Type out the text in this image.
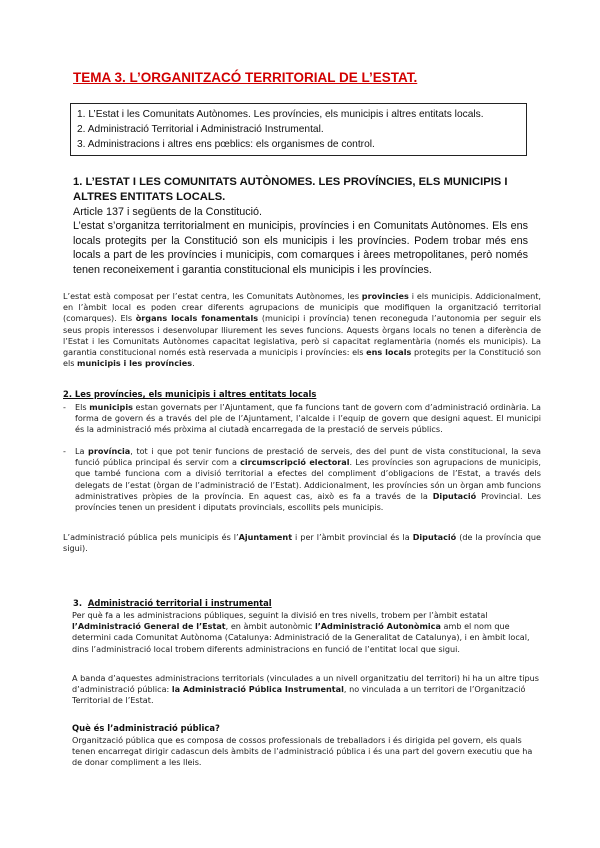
TEMA 3. L’ORGANITZACÓ TERRITORIAL DE L’ESTAT.
1. L’Estat i les Comunitats Autònomes. Les províncies, els municipis i altres entitats locals.
2. Administració Territorial i Administració Instrumental.
3. Administracions i altres ens pœblics: els organismes de control.
1. L’ESTAT I LES COMUNITATS AUTÒNOMES. LES PROVÍNCIES, ELS MUNICIPIS I
ALTRES ENTITATS LOCALS.
Article 137 i següents de la Constitució.
L’estat s’organitza territorialment en municipis, províncies i en Comunitats Autònomes. Els ens locals protegits per la Constitució son els municipis i les províncies. Podem trobar més ens locals a part de les províncies i municipis, com comarques i àrees metropolitanes, però només tenen reconeixement i garantia constitucional els municipis i les províncies.
L’estat està composat per l’estat centra, les Comunitats Autònomes, les provincies i els municipis. Addicionalment, en l’àmbit local es poden crear diferents agrupacions de municipis que modifiquen la organització territorial (comarques). Els òrgans locals fonamentals (municipi i província) tenen reconeguda l’autonomia per seguir els seus propis interessos i desenvolupar lliurement les seves funcions. Aquests òrgans locals no tenen a diferència de l’Estat i les Comunitats Autònomes capacitat legislativa, però si capacitat reglamentària (només els municipis). La garantia constitucional només està reservada a municipis i províncies: els ens locals protegits per la Constitució son els municipis i les províncies.
2. Les províncies, els municipis i altres entitats locals
- Els municipis estan governats per l’Ajuntament, que fa funcions tant de govern com d’administració ordinària. La forma de govern és a través del ple de l’Ajuntament, l’alcalde i l’equip de govern que designi aquest. El municipi és la administració més pròxima al ciutadà encarregada de la prestació de serveis públics.
- La província, tot i que pot tenir funcions de prestació de serveis, des del punt de vista constitucional, la seva funció pública principal és servir com a circumscripció electoral. Les províncies son agrupacions de municipis, que també funciona com a divisió territorial a efectes del compliment d’obligacions de l’Estat, a través dels delegats de l’estat (òrgan de l’administració de l’Estat). Addicionalment, les províncies són un òrgan amb funcions administratives pròpies de la província. En aquest cas, això es fa a través de la Diputació Provincial. Les províncies tenen un president i diputats provincials, escollits pels municipis.
L’administració pública pels municipis és l’Ajuntament i per l’àmbit provincial és la Diputació (de la província que sigui).
3.  Administració territorial i instrumental
Per què fa a les administracions públiques, seguint la divisió en tres nivells, trobem per l’àmbit estatal l’Administració General de l’Estat, en àmbit autonòmic l’Administració Autonòmica amb el nom que determini cada Comunitat Autònoma (Catalunya: Administració de la Generalitat de Catalunya), i en àmbit local, dins l’administració local trobem diferents administracions en funció de l’entitat local que sigui.
A banda d’aquestes administracions territorials (vinculades a un nivell organitzatiu del territori) hi ha un altre tipus d’administració pública: la Administració Pública Instrumental, no vinculada a un territori de l’Organització Territorial de l’Estat.
Què és l’administració pública?
Organització pública que es composa de cossos professionals de treballadors i és dirigida pel govern, els quals tenen encarregat dirigir cadascun dels àmbits de l’administració pública i és una part del govern executiu que ha de donar compliment a les lleis.
